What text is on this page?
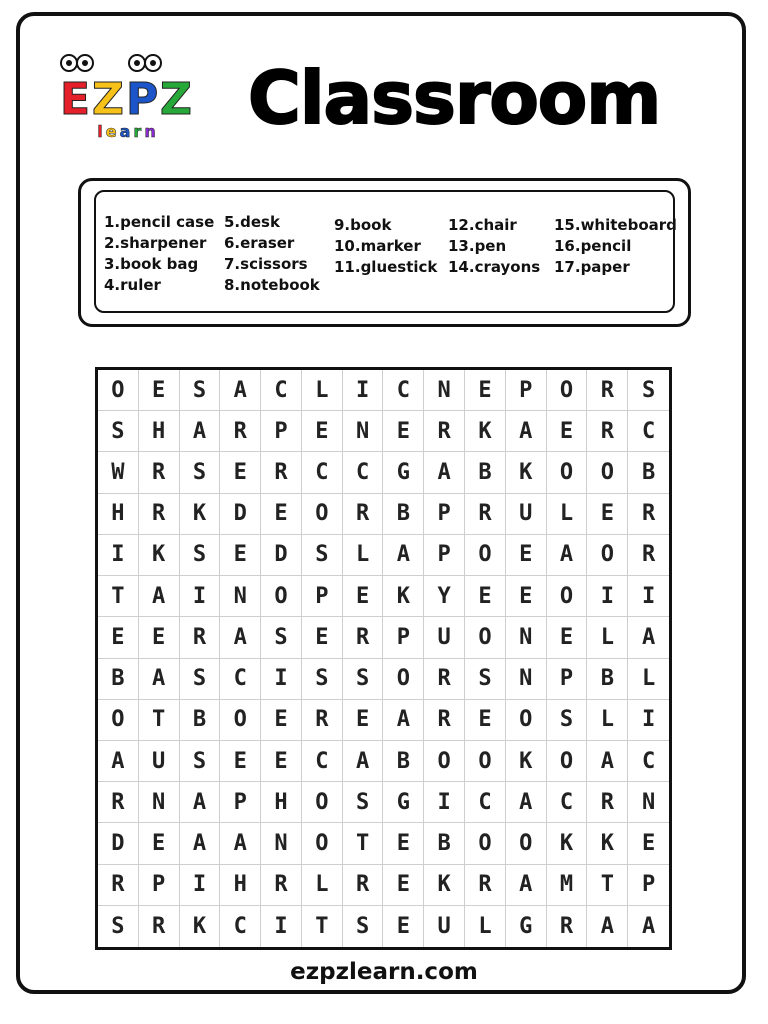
E Z P Z
learn	Classroom
1.pencil case
2.sharpener
3.book bag
4.ruler
5.desk
6.eraser
7.scissors
8.notebook
9.book
10.marker
11.gluestick
12.chair
13.pen
14.crayons
15.whiteboard
16.pencil
17.paper
O	E	S	A	C	L	I	C	N	E	P	O	R	S
S	H	A	R	P	E	N	E	R	K	A	E	R	C
W	R	S	E	R	C	C	G	A	B	K	O	O	B
H	R	K	D	E	O	R	B	P	R	U	L	E	R
I	K	S	E	D	S	L	A	P	O	E	A	O	R
T	A	I	N	O	P	E	K	Y	E	E	O	I	I
E	E	R	A	S	E	R	P	U	O	N	E	L	A
B	A	S	C	I	S	S	O	R	S	N	P	B	L
O	T	B	O	E	R	E	A	R	E	O	S	L	I
A	U	S	E	E	C	A	B	O	O	K	O	A	C
R	N	A	P	H	O	S	G	I	C	A	C	R	N
D	E	A	A	N	O	T	E	B	O	O	K	K	E
R	P	I	H	R	L	R	E	K	R	A	M	T	P
S	R	K	C	I	T	S	E	U	L	G	R	A	A
ezpzlearn.com
